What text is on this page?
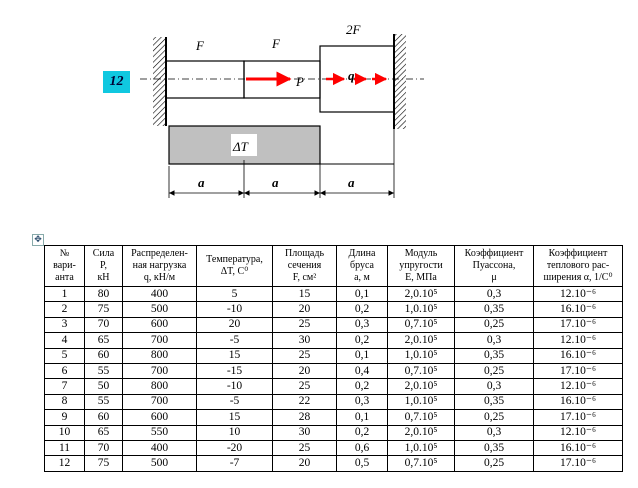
F	F
2F
P	q
ΔT
a	a	a
12
✥
№
вари-
анта	Сила
P,
кН	Распределен-
ная нагрузка
q, кН/м	Температура,
ΔT, C⁰	Площадь
сечения
F, см²	Длина
бруса
a, м	Модуль
упругости
E, МПа	Коэффициент
Пуассона,
μ	Коэффициент
теплового рас-
ширения α, 1/C⁰

1	80	400	5	15	0,1	2,0.10⁵	0,3	12.10⁻⁶
2	75	500	-10	20	0,2	1,0.10⁵	0,35	16.10⁻⁶
3	70	600	20	25	0,3	0,7.10⁵	0,25	17.10⁻⁶
4	65	700	-5	30	0,2	2,0.10⁵	0,3	12.10⁻⁶
5	60	800	15	25	0,1	1,0.10⁵	0,35	16.10⁻⁶
6	55	700	-15	20	0,4	0,7.10⁵	0,25	17.10⁻⁶
7	50	800	-10	25	0,2	2,0.10⁵	0,3	12.10⁻⁶
8	55	700	-5	22	0,3	1,0.10⁵	0,35	16.10⁻⁶
9	60	600	15	28	0,1	0,7.10⁵	0,25	17.10⁻⁶
10	65	550	10	30	0,2	2,0.10⁵	0,3	12.10⁻⁶
11	70	400	-20	25	0,6	1,0.10⁵	0,35	16.10⁻⁶
12	75	500	-7	20	0,5	0,7.10⁵	0,25	17.10⁻⁶
